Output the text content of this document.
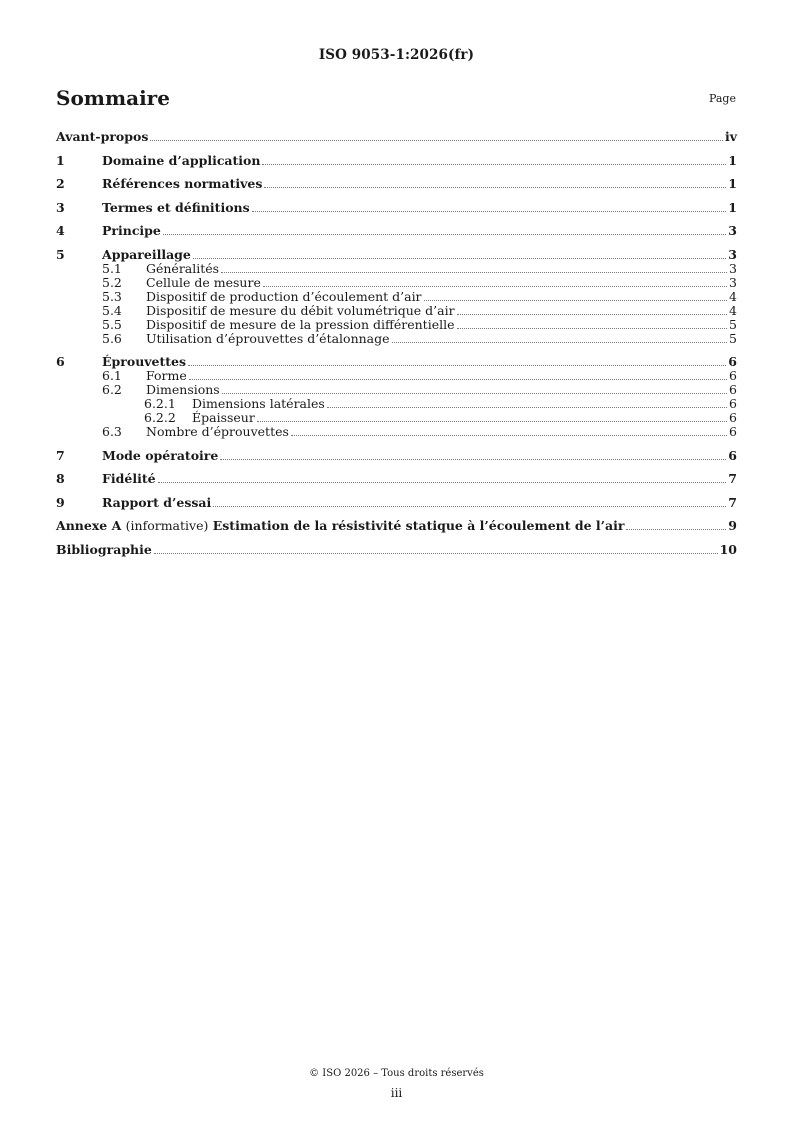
ISO 9053-1:2026(fr)
Sommaire	Page
Avant-propos	iv
1	Domaine d’application	1
2	Références normatives	1
3	Termes et définitions	1
4	Principe	3
5	Appareillage	3
5.1	Généralités	3
5.2	Cellule de mesure	3
5.3	Dispositif de production d’écoulement d’air	4
5.4	Dispositif de mesure du débit volumétrique d’air	4
5.5	Dispositif de mesure de la pression différentielle	5
5.6	Utilisation d’éprouvettes d’étalonnage	5
6	Éprouvettes	6
6.1	Forme	6
6.2	Dimensions	6
6.2.1	Dimensions latérales	6
6.2.2	Épaisseur	6
6.3	Nombre d’éprouvettes	6
7	Mode opératoire	6
8	Fidélité	7
9	Rapport d’essai	7
Annexe A (informative) Estimation de la résistivité statique à l’écoulement de l’air	9
Bibliographie	10
© ISO 2026 – Tous droits réservés
iii
